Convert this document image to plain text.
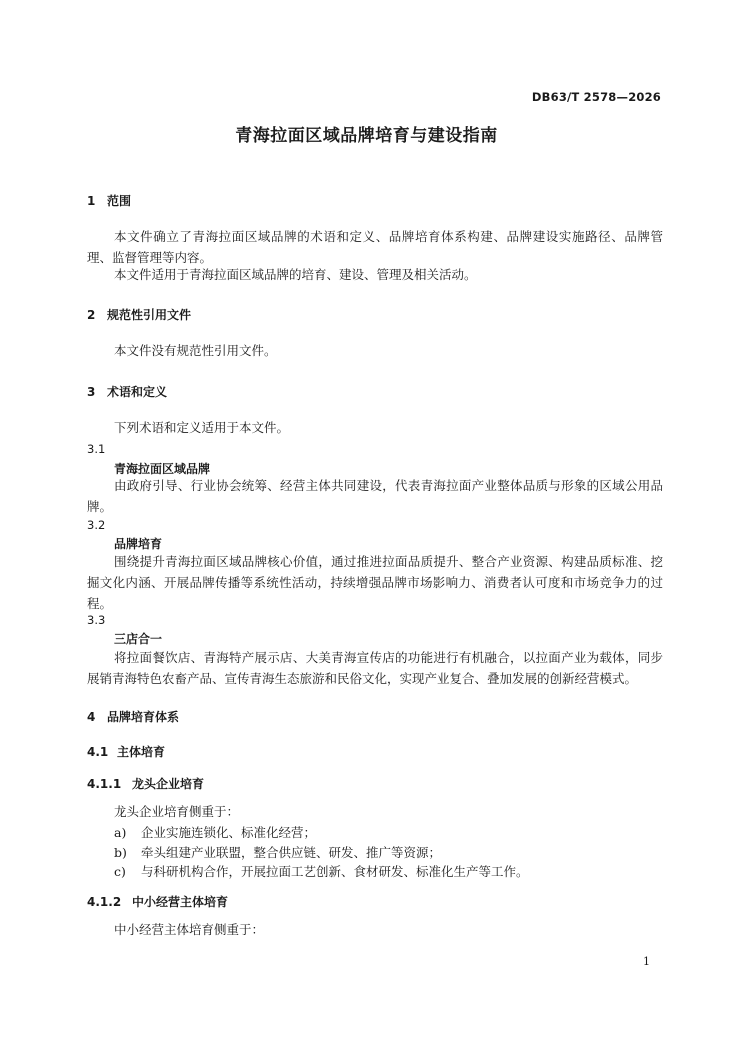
DB63/T 2578—2026
青海拉面区域品牌培育与建设指南
1 范围
本文件确立了青海拉面区域品牌的术语和定义、品牌培育体系构建、品牌建设实施路径、品牌管理、监督管理等内容。
本文件适用于青海拉面区域品牌的培育、建设、管理及相关活动。
2 规范性引用文件
本文件没有规范性引用文件。
3 术语和定义
下列术语和定义适用于本文件。
3.1
青海拉面区域品牌
由政府引导、行业协会统筹、经营主体共同建设，代表青海拉面产业整体品质与形象的区域公用品牌。
3.2
品牌培育
围绕提升青海拉面区域品牌核心价值，通过推进拉面品质提升、整合产业资源、构建品质标准、挖掘文化内涵、开展品牌传播等系统性活动，持续增强品牌市场影响力、消费者认可度和市场竞争力的过程。
3.3
三店合一
将拉面餐饮店、青海特产展示店、大美青海宣传店的功能进行有机融合，以拉面产业为载体，同步展销青海特色农畜产品、宣传青海生态旅游和民俗文化，实现产业复合、叠加发展的创新经营模式。
4 品牌培育体系
4.1 主体培育
4.1.1 龙头企业培育
龙头企业培育侧重于：
a) 企业实施连锁化、标准化经营；
b) 牵头组建产业联盟，整合供应链、研发、推广等资源；
c) 与科研机构合作，开展拉面工艺创新、食材研发、标准化生产等工作。
4.1.2 中小经营主体培育
中小经营主体培育侧重于：
1
